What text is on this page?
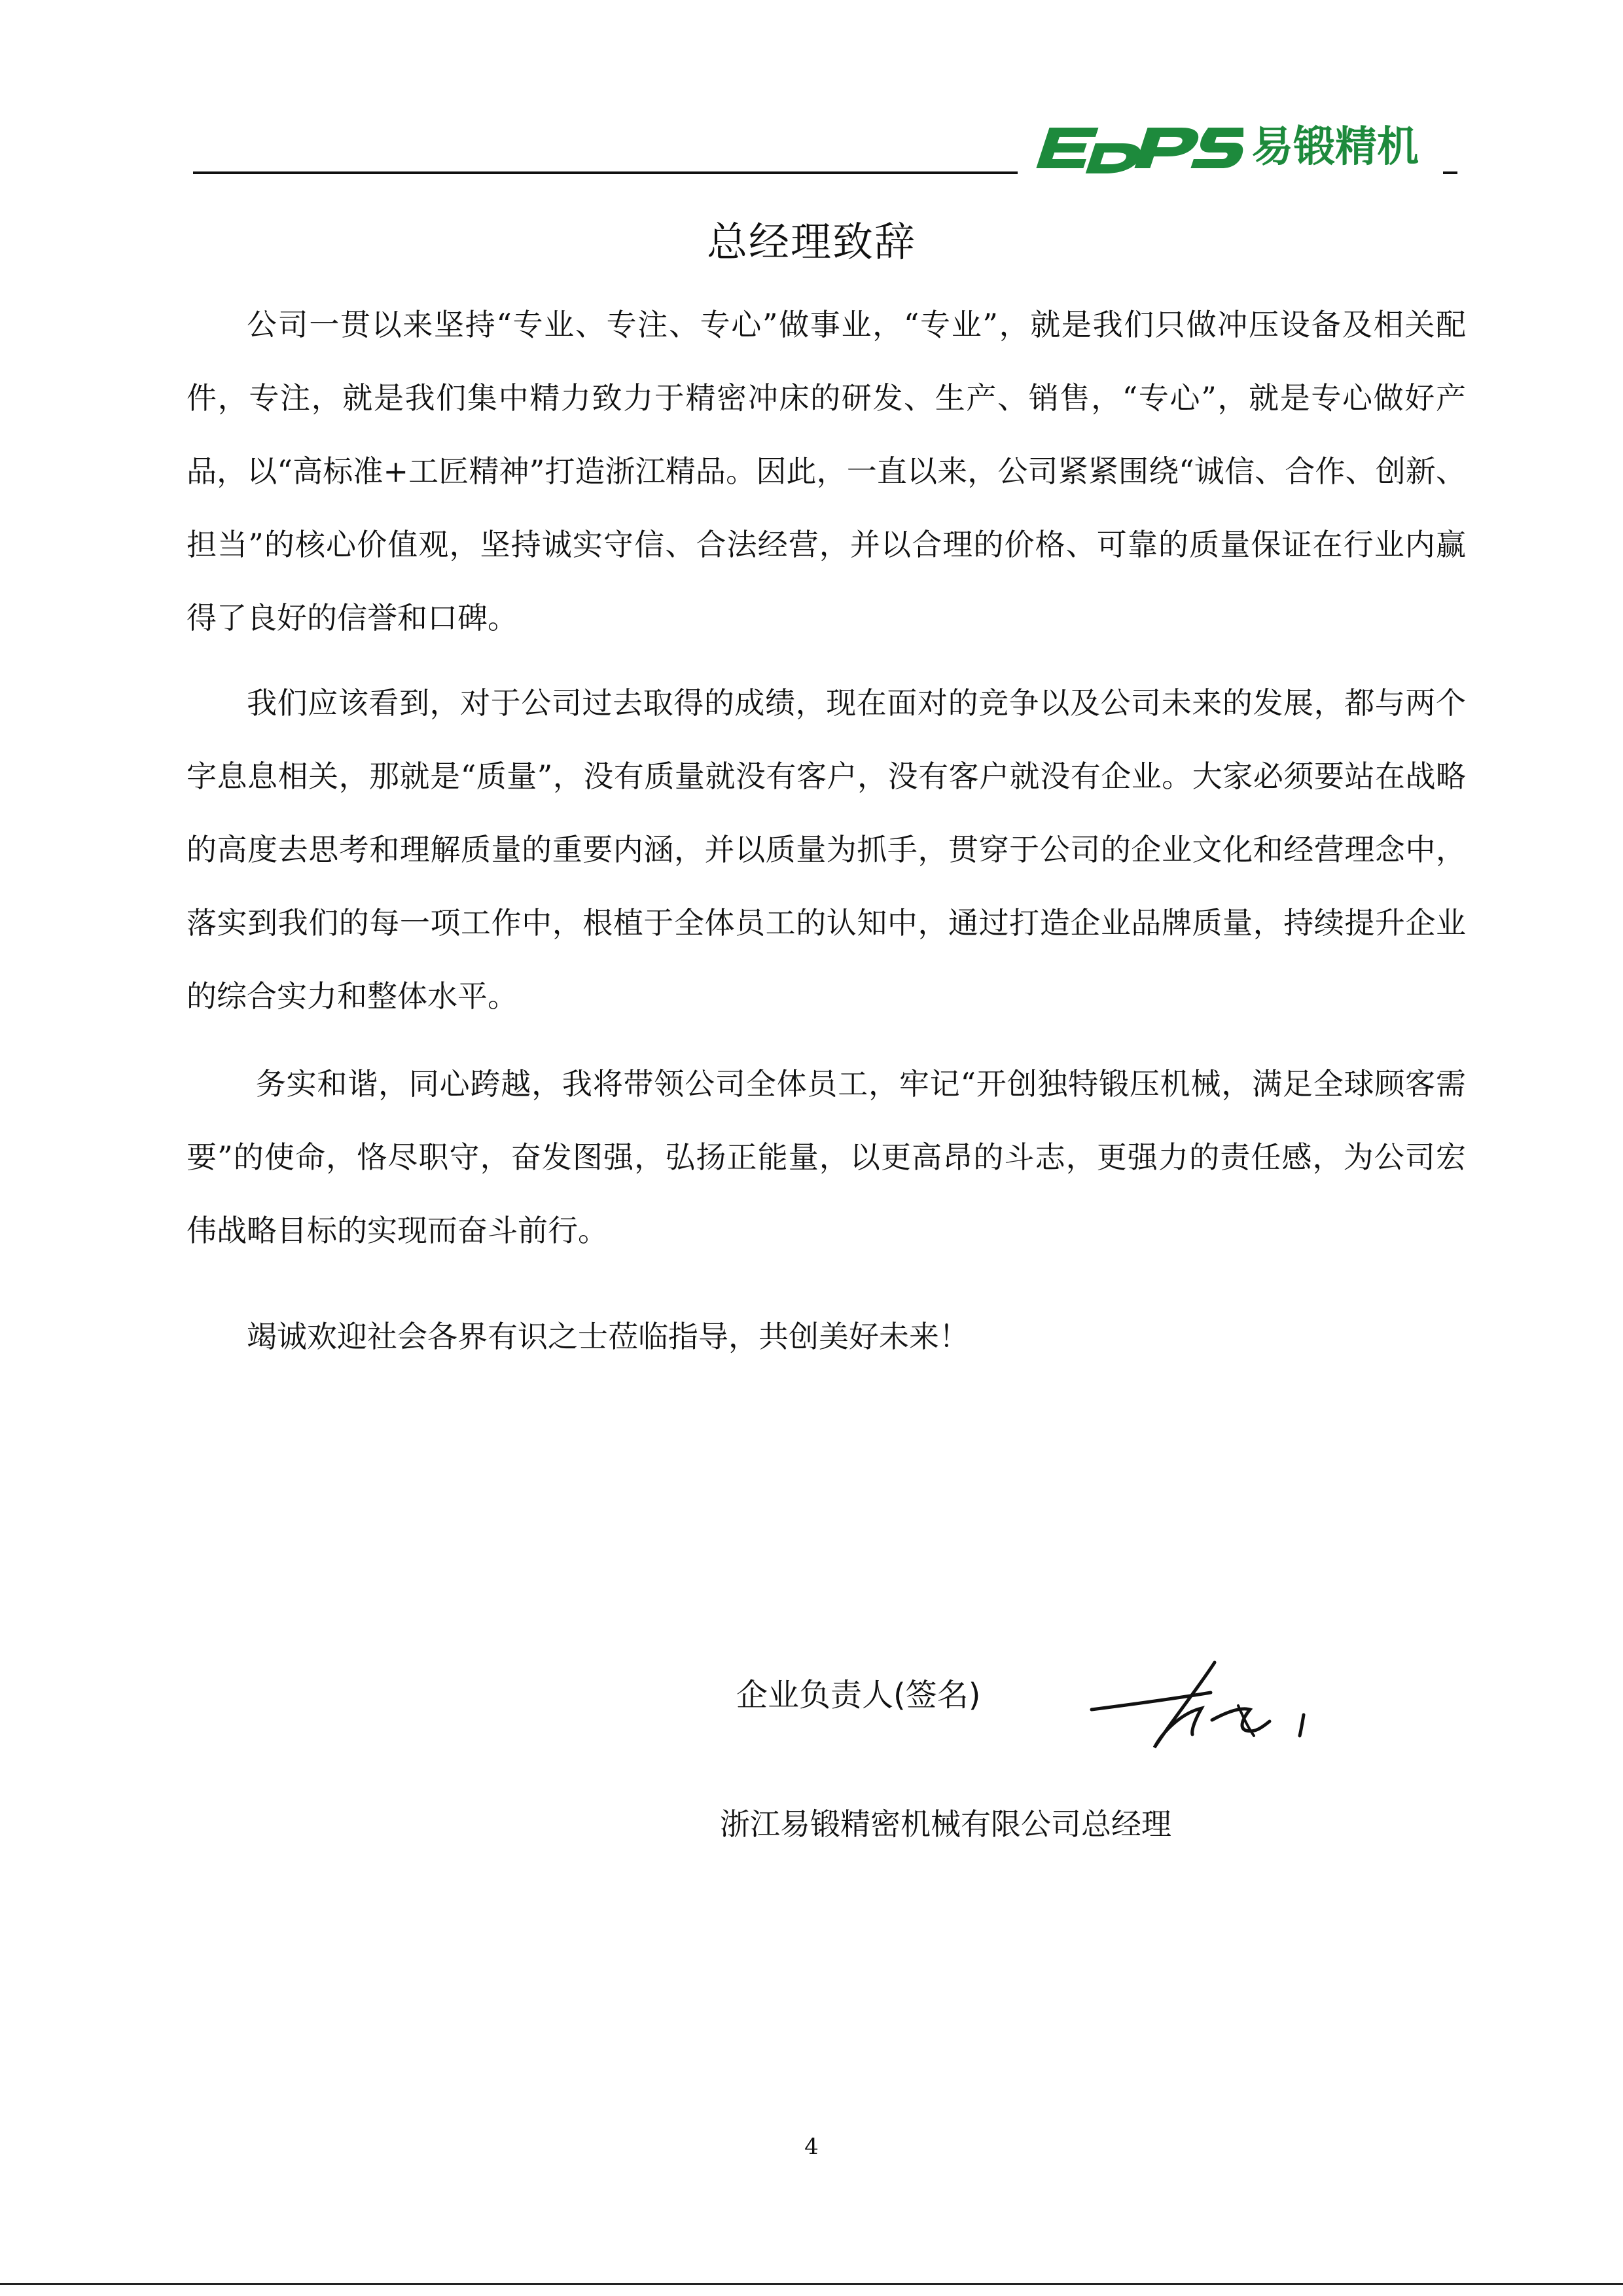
易锻精机
总经理致辞

公司一贯以来坚持“专业、专注、专心”做事业，“专业”，就是我们只做冲压设备及相关配件，专注，就是我们集中精力致力于精密冲床的研发、生产、销售，“专心”，就是专心做好产品，以“高标准+工匠精神”打造浙江精品。因此，一直以来，公司紧紧围绕“诚信、合作、创新、担当”的核心价值观，坚持诚实守信、合法经营，并以合理的价格、可靠的质量保证在行业内赢得了良好的信誉和口碑。

我们应该看到，对于公司过去取得的成绩，现在面对的竞争以及公司未来的发展，都与两个字息息相关，那就是“质量”，没有质量就没有客户，没有客户就没有企业。大家必须要站在战略的高度去思考和理解质量的重要内涵，并以质量为抓手，贯穿于公司的企业文化和经营理念中，落实到我们的每一项工作中，根植于全体员工的认知中，通过打造企业品牌质量，持续提升企业的综合实力和整体水平。

务实和谐，同心跨越，我将带领公司全体员工，牢记“开创独特锻压机械，满足全球顾客需要”的使命，恪尽职守，奋发图强，弘扬正能量，以更高昂的斗志，更强力的责任感，为公司宏伟战略目标的实现而奋斗前行。

竭诚欢迎社会各界有识之士莅临指导，共创美好未来！

企业负责人(签名)
浙江易锻精密机械有限公司总经理
4
